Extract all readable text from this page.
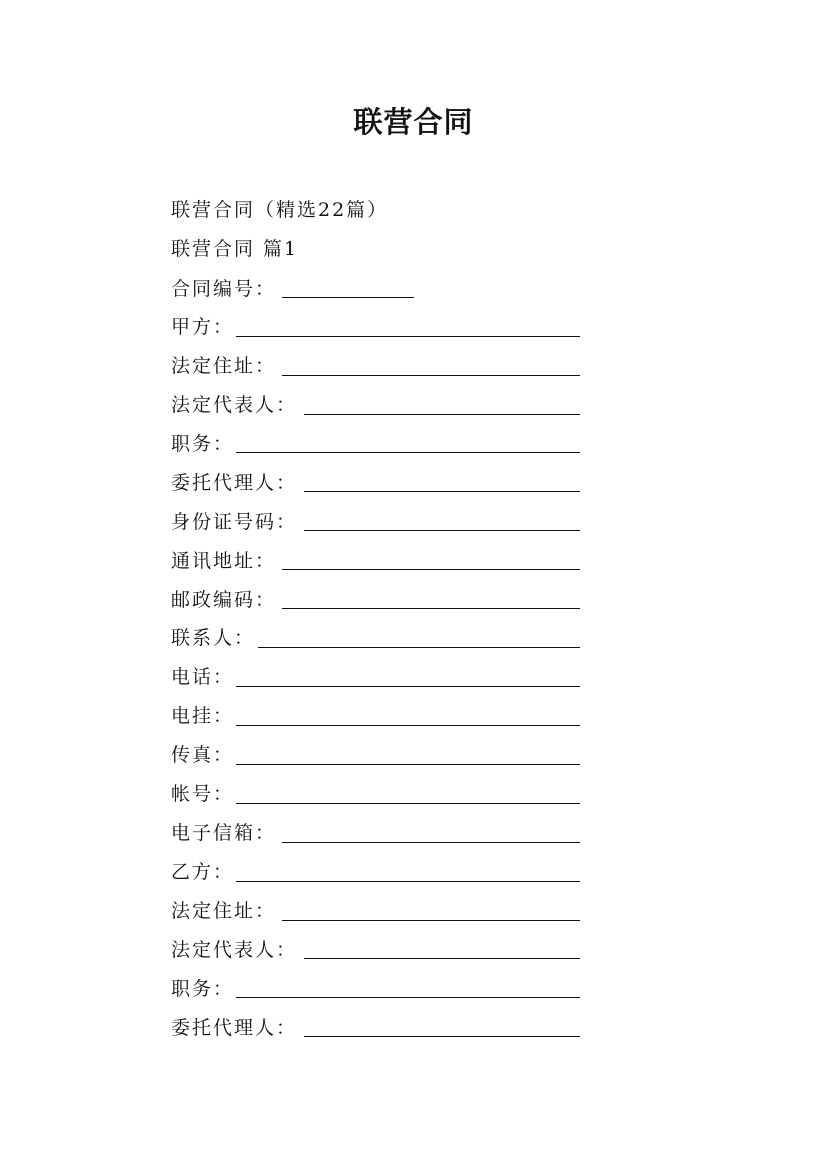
联营合同
联营合同（精选22篇）
联营合同 篇1
合同编号：
甲方：
法定住址：
法定代表人：
职务：
委托代理人：
身份证号码：
通讯地址：
邮政编码：
联系人：
电话：
电挂：
传真：
帐号：
电子信箱：
乙方：
法定住址：
法定代表人：
职务：
委托代理人：
